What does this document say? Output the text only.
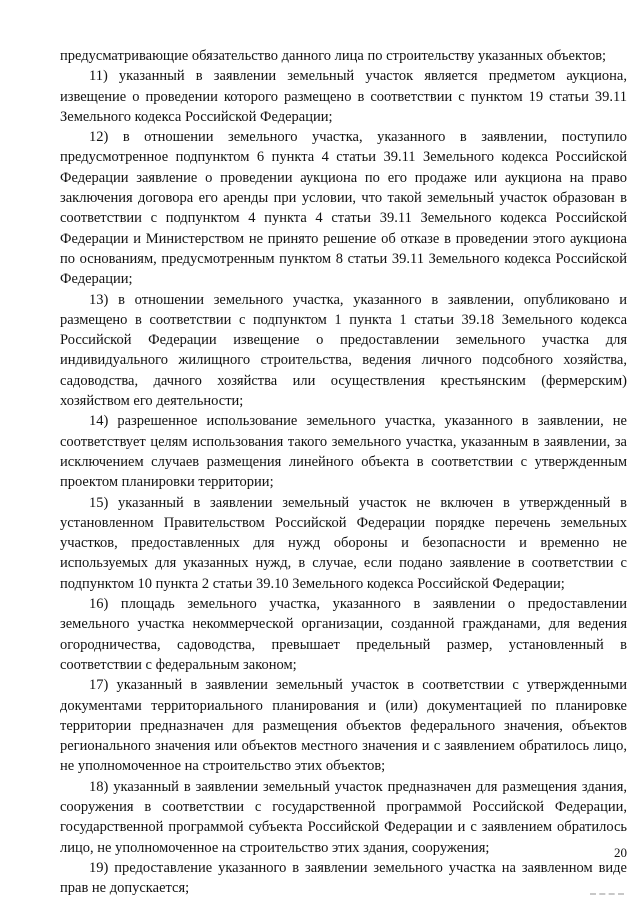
предусматривающие обязательство данного лица по строительству указанных объектов;

11) указанный в заявлении земельный участок является предметом аукциона, извещение о проведении которого размещено в соответствии с пунктом 19 статьи 39.11 Земельного кодекса Российской Федерации;

12) в отношении земельного участка, указанного в заявлении, поступило предусмотренное подпунктом 6 пункта 4 статьи 39.11 Земельного кодекса Российской Федерации заявление о проведении аукциона по его продаже или аукциона на право заключения договора его аренды при условии, что такой земельный участок образован в соответствии с подпунктом 4 пункта 4 статьи 39.11 Земельного кодекса Российской Федерации и Министерством не принято решение об отказе в проведении этого аукциона по основаниям, предусмотренным пунктом 8 статьи 39.11 Земельного кодекса Российской Федерации;

13) в отношении земельного участка, указанного в заявлении, опубликовано и размещено в соответствии с подпунктом 1 пункта 1 статьи 39.18 Земельного кодекса Российской Федерации извещение о предоставлении земельного участка для индивидуального жилищного строительства, ведения личного подсобного хозяйства, садоводства, дачного хозяйства или осуществления крестьянским (фермерским) хозяйством его деятельности;

14) разрешенное использование земельного участка, указанного в заявлении, не соответствует целям использования такого земельного участка, указанным в заявлении, за исключением случаев размещения линейного объекта в соответствии с утвержденным проектом планировки территории;

15) указанный в заявлении земельный участок не включен в утвержденный в установленном Правительством Российской Федерации порядке перечень земельных участков, предоставленных для нужд обороны и безопасности и временно не используемых для указанных нужд, в случае, если подано заявление в соответствии с подпунктом 10 пункта 2 статьи 39.10 Земельного кодекса Российской Федерации;

16) площадь земельного участка, указанного в заявлении о предоставлении земельного участка некоммерческой организации, созданной гражданами, для ведения огородничества, садоводства, превышает предельный размер, установленный в соответствии с федеральным законом;

17) указанный в заявлении земельный участок в соответствии с утвержденными документами территориального планирования и (или) документацией по планировке территории предназначен для размещения объектов федерального значения, объектов регионального значения или объектов местного значения и с заявлением обратилось лицо, не уполномоченное на строительство этих объектов;

18) указанный в заявлении земельный участок предназначен для размещения здания, сооружения в соответствии с государственной программой Российской Федерации, государственной программой субъекта Российской Федерации и с заявлением обратилось лицо, не уполномоченное на строительство этих здания, сооружения;

19) предоставление указанного в заявлении земельного участка на заявленном виде прав не допускается;

20
